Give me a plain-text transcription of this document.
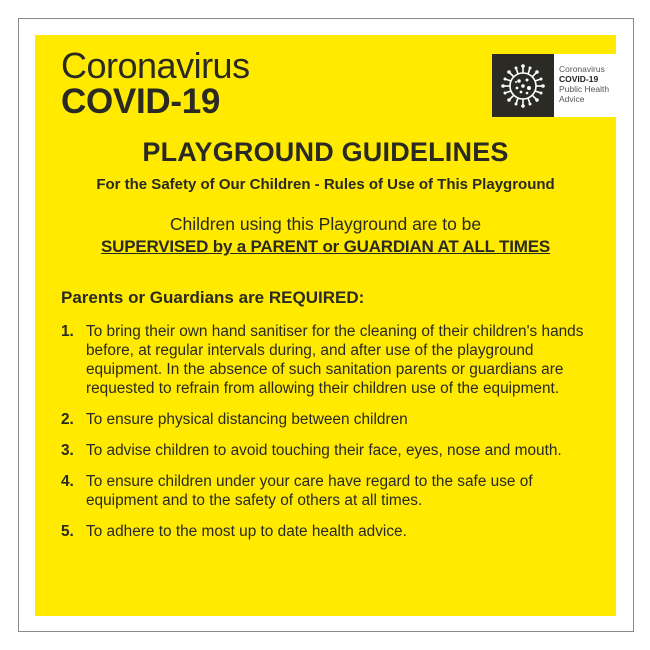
Coronavirus
COVID-19
Coronavirus
COVID-19
Public Health
Advice
PLAYGROUND GUIDELINES
For the Safety of Our Children - Rules of Use of This Playground
Children using this Playground are to be
SUPERVISED by a PARENT or GUARDIAN AT ALL TIMES
Parents or Guardians are REQUIRED:
1. To bring their own hand sanitiser for the cleaning of their children's hands before, at regular intervals during, and after use of the playground equipment. In the absence of such sanitation parents or guardians are requested to refrain from allowing their children use of the equipment.
2. To ensure physical distancing between children
3. To advise children to avoid touching their face, eyes, nose and mouth.
4. To ensure children under your care have regard to the safe use of equipment and to the safety of others at all times.
5. To adhere to the most up to date health advice.
